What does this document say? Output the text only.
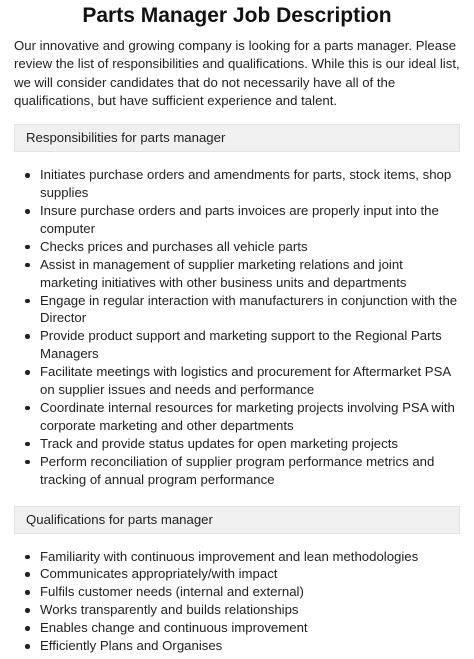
Parts Manager Job Description

Our innovative and growing company is looking for a parts manager. Please review the list of responsibilities and qualifications. While this is our ideal list, we will consider candidates that do not necessarily have all of the qualifications, but have sufficient experience and talent.

Responsibilities for parts manager
Initiates purchase orders and amendments for parts, stock items, shop supplies
Insure purchase orders and parts invoices are properly input into the computer
Checks prices and purchases all vehicle parts
Assist in management of supplier marketing relations and joint marketing initiatives with other business units and departments
Engage in regular interaction with manufacturers in conjunction with the Director
Provide product support and marketing support to the Regional Parts Managers
Facilitate meetings with logistics and procurement for Aftermarket PSA on supplier issues and needs and performance
Coordinate internal resources for marketing projects involving PSA with corporate marketing and other departments
Track and provide status updates for open marketing projects
Perform reconciliation of supplier program performance metrics and tracking of annual program performance
Qualifications for parts manager
Familiarity with continuous improvement and lean methodologies
Communicates appropriately/with impact
Fulfils customer needs (internal and external)
Works transparently and builds relationships
Enables change and continuous improvement
Efficiently Plans and Organises
